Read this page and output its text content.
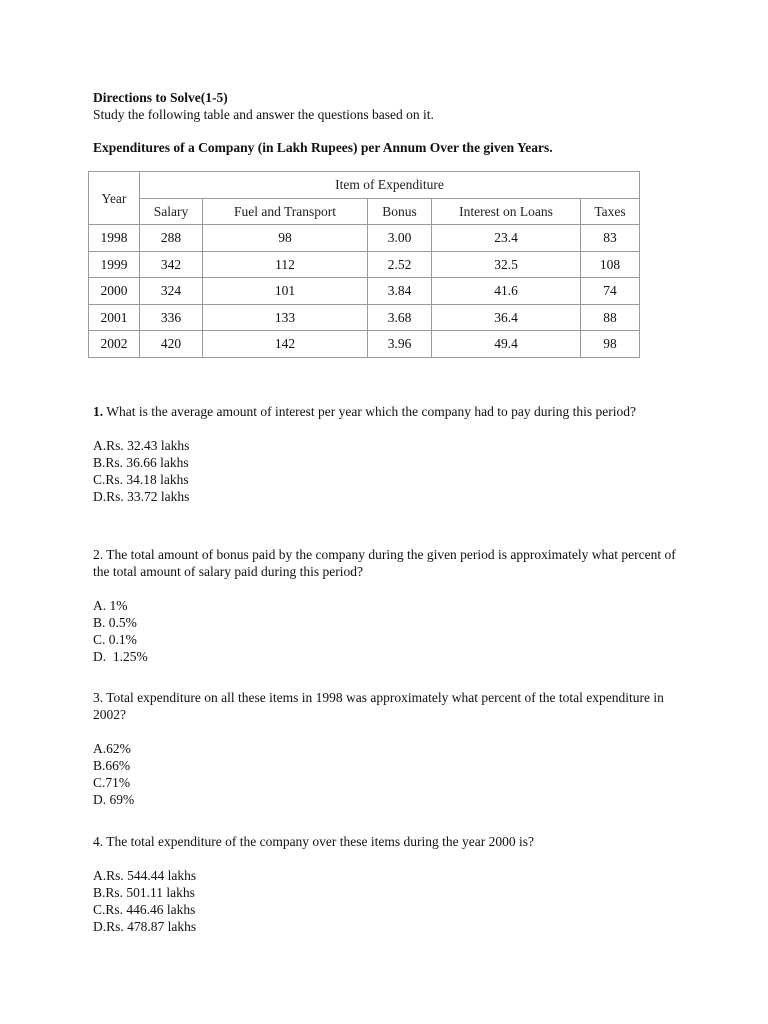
Directions to Solve(1-5)
Study the following table and answer the questions based on it.
Expenditures of a Company (in Lakh Rupees) per Annum Over the given Years.
Year	Item of Expenditure				
	Salary	Fuel and Transport	Bonus	Interest on Loans	Taxes
1998	288	98	3.00	23.4	83
1999	342	112	2.52	32.5	108
2000	324	101	3.84	41.6	74
2001	336	133	3.68	36.4	88
2002	420	142	3.96	49.4	98

1. What is the average amount of interest per year which the company had to pay during this period?

A.Rs. 32.43 lakhs
B.Rs. 36.66 lakhs
C.Rs. 34.18 lakhs
D.Rs. 33.72 lakhs

2. The total amount of bonus paid by the company during the given period is approximately what percent of the total amount of salary paid during this period?

A. 1%
B. 0.5%
C. 0.1%
D.  1.25%

3. Total expenditure on all these items in 1998 was approximately what percent of the total expenditure in 2002?

A.62%
B.66%
C.71%
D. 69%

4. The total expenditure of the company over these items during the year 2000 is?

A.Rs. 544.44 lakhs
B.Rs. 501.11 lakhs
C.Rs. 446.46 lakhs
D.Rs. 478.87 lakhs
